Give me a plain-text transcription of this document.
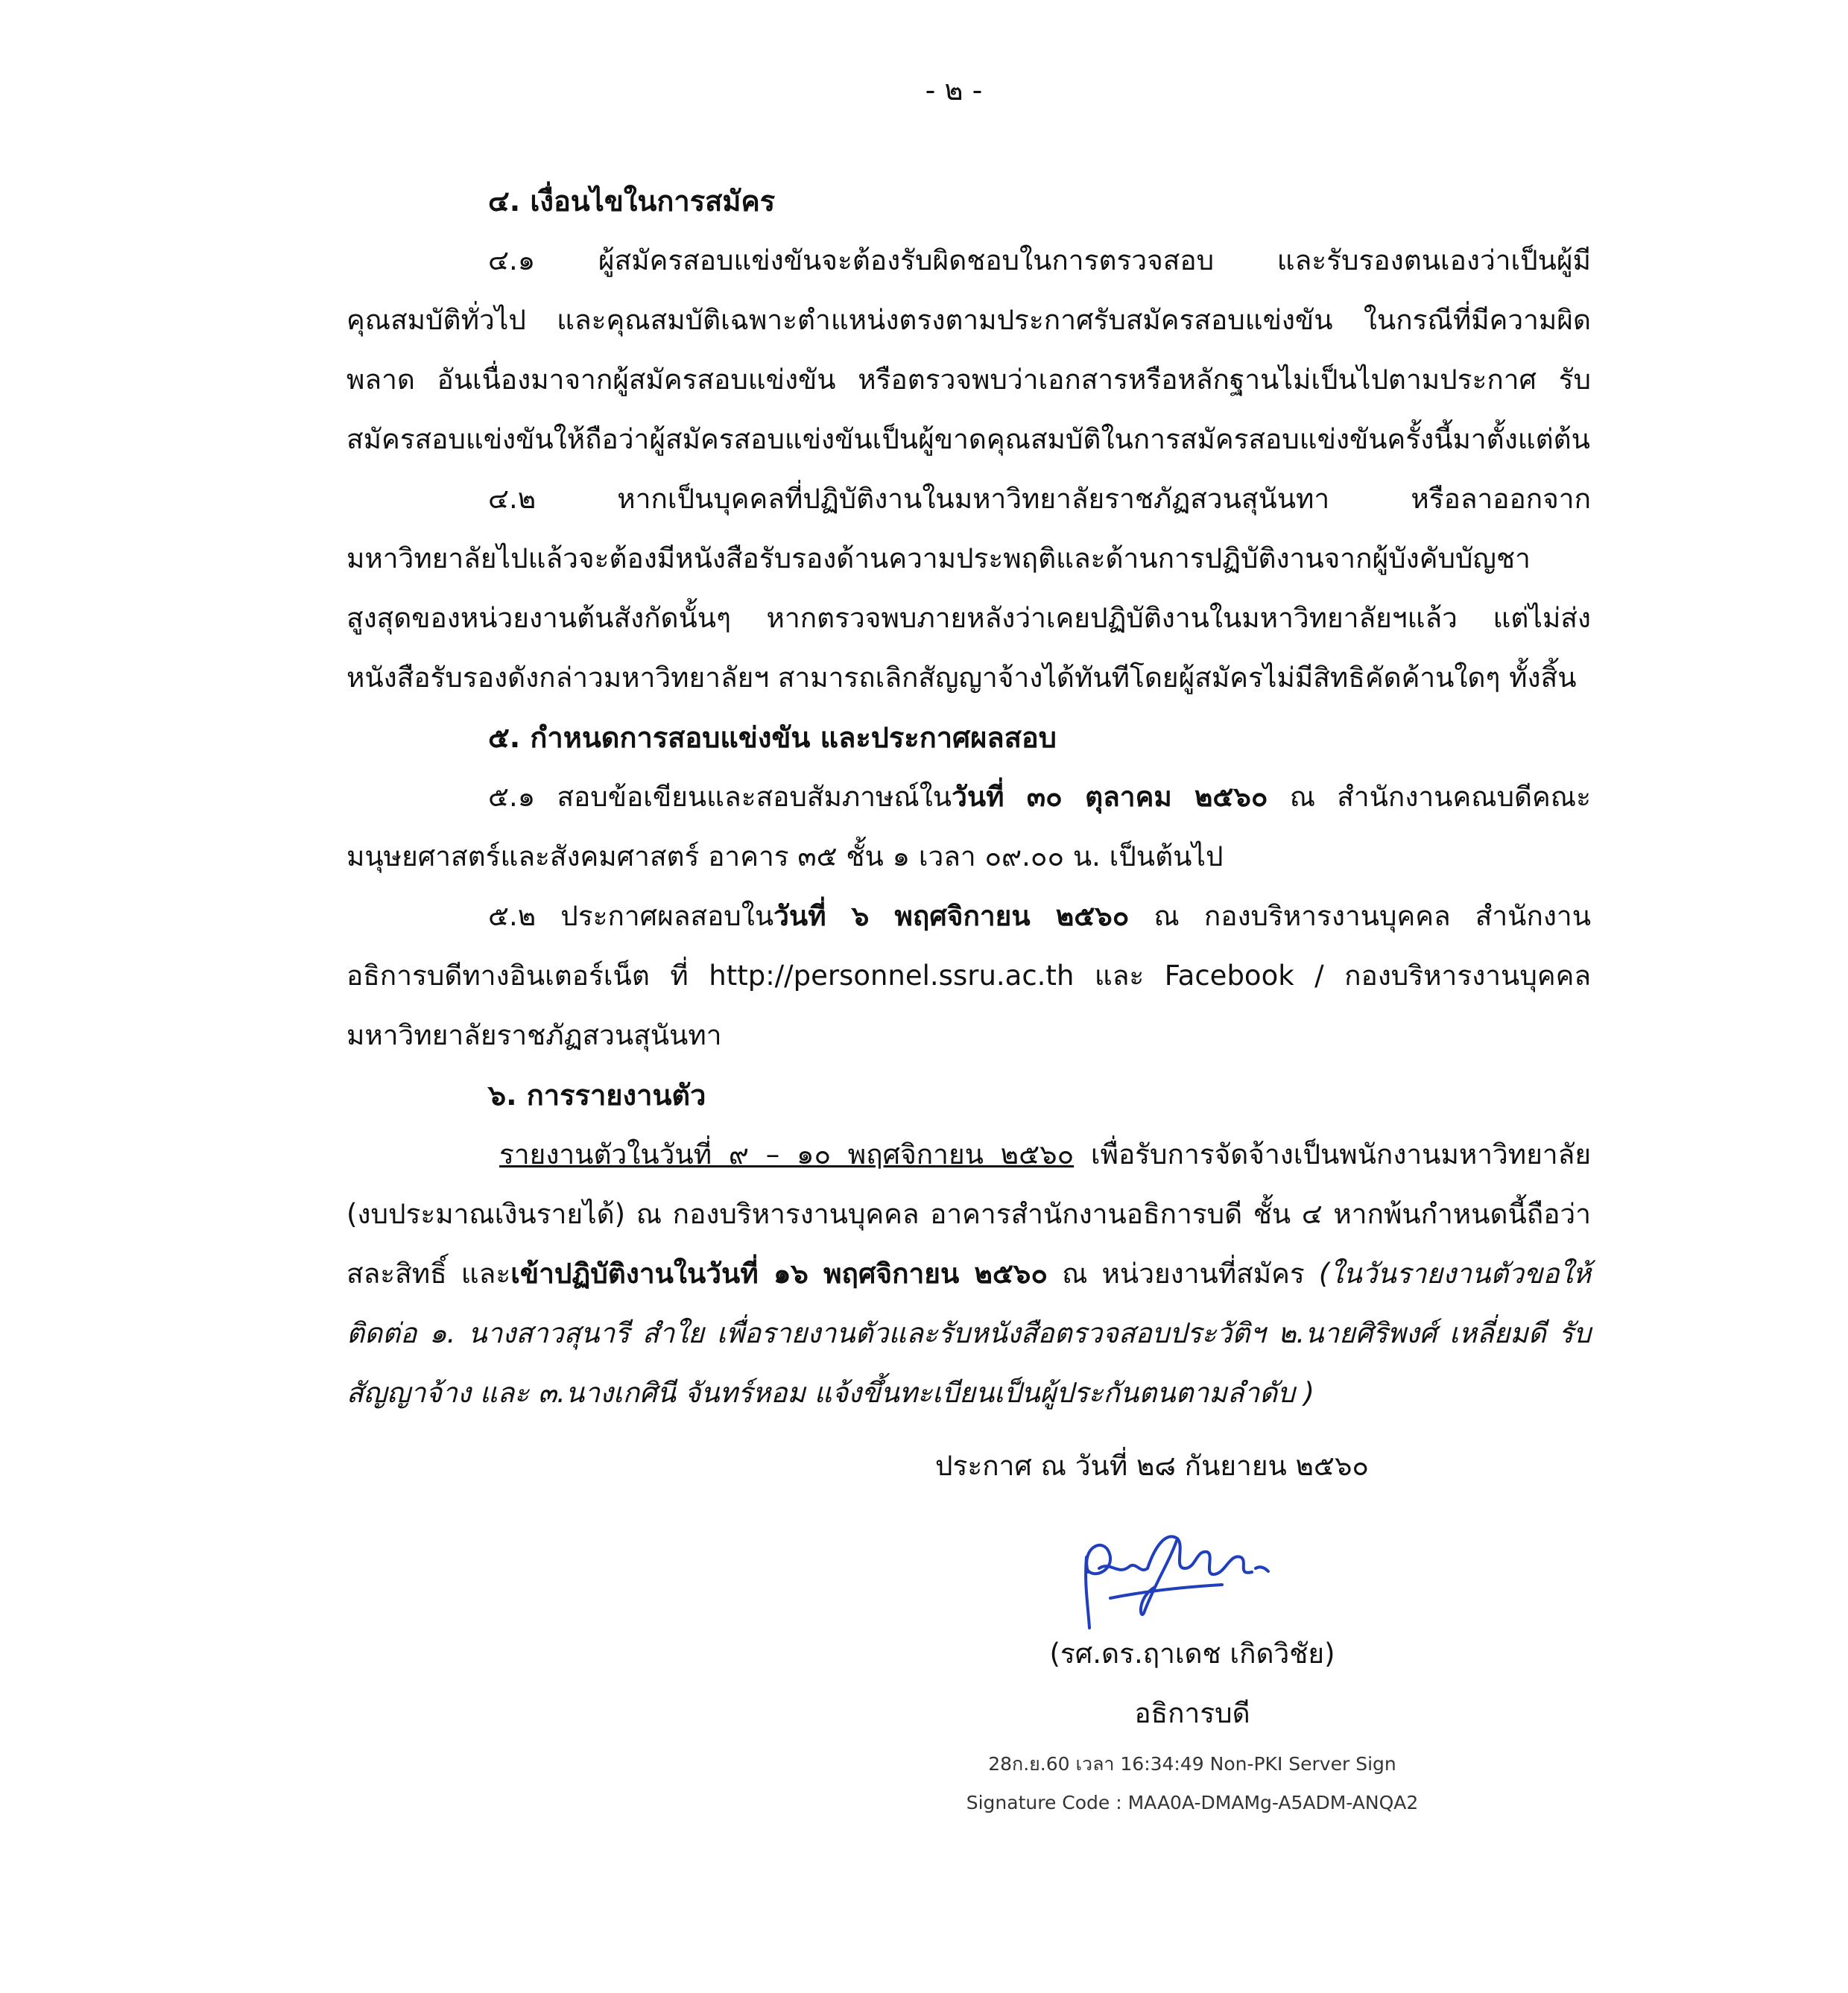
- ๒ -

๔. เงื่อนไขในการสมัคร

๔.๑ ผู้สมัครสอบแข่งขันจะต้องรับผิดชอบในการตรวจสอบ และรับรองตนเองว่าเป็นผู้มีคุณสมบัติทั่วไป และคุณสมบัติเฉพาะตำแหน่งตรงตามประกาศรับสมัครสอบแข่งขัน ในกรณีที่มีความผิดพลาด อันเนื่องมาจากผู้สมัครสอบแข่งขัน หรือตรวจพบว่าเอกสารหรือหลักฐานไม่เป็นไปตามประกาศ รับสมัครสอบแข่งขันให้ถือว่าผู้สมัครสอบแข่งขันเป็นผู้ขาดคุณสมบัติในการสมัครสอบแข่งขันครั้งนี้มาตั้งแต่ต้น

๔.๒ หากเป็นบุคคลที่ปฏิบัติงานในมหาวิทยาลัยราชภัฏสวนสุนันทา หรือลาออกจากมหาวิทยาลัยไปแล้วจะต้องมีหนังสือรับรองด้านความประพฤติและด้านการปฏิบัติงานจากผู้บังคับบัญชาสูงสุดของหน่วยงานต้นสังกัดนั้นๆ หากตรวจพบภายหลังว่าเคยปฏิบัติงานในมหาวิทยาลัยฯแล้ว แต่ไม่ส่งหนังสือรับรองดังกล่าวมหาวิทยาลัยฯ สามารถเลิกสัญญาจ้างได้ทันทีโดยผู้สมัครไม่มีสิทธิคัดค้านใดๆ ทั้งสิ้น

๕. กำหนดการสอบแข่งขัน และประกาศผลสอบ

๕.๑ สอบข้อเขียนและสอบสัมภาษณ์ในวันที่ ๓๐ ตุลาคม ๒๕๖๐ ณ สำนักงานคณบดีคณะมนุษยศาสตร์และสังคมศาสตร์ อาคาร ๓๕ ชั้น ๑ เวลา ๐๙.๐๐ น. เป็นต้นไป

๕.๒ ประกาศผลสอบในวันที่ ๖ พฤศจิกายน ๒๕๖๐ ณ กองบริหารงานบุคคล สำนักงานอธิการบดีทางอินเตอร์เน็ต ที่ http://personnel.ssru.ac.th และ Facebook / กองบริหารงานบุคคล มหาวิทยาลัยราชภัฏสวนสุนันทา

๖. การรายงานตัว

รายงานตัวในวันที่ ๙ – ๑๐ พฤศจิกายน ๒๕๖๐ เพื่อรับการจัดจ้างเป็นพนักงานมหาวิทยาลัย (งบประมาณเงินรายได้) ณ กองบริหารงานบุคคล อาคารสำนักงานอธิการบดี ชั้น ๔ หากพ้นกำหนดนี้ถือว่าสละสิทธิ์ และเข้าปฏิบัติงานในวันที่ ๑๖ พฤศจิกายน ๒๕๖๐ ณ หน่วยงานที่สมัคร (ในวันรายงานตัวขอให้ติดต่อ ๑. นางสาวสุนารี สำใย เพื่อรายงานตัวและรับหนังสือตรวจสอบประวัติฯ ๒.นายศิริพงศ์ เหลี่ยมดี รับสัญญาจ้าง และ ๓.นางเกศินี จันทร์หอม แจ้งขึ้นทะเบียนเป็นผู้ประกันตนตามลำดับ )

ประกาศ ณ วันที่ ๒๘ กันยายน ๒๕๖๐
(รศ.ดร.ฤาเดช เกิดวิชัย)
อธิการบดี
28ก.ย.60 เวลา 16:34:49 Non-PKI Server Sign
Signature Code : MAA0A-DMAMg-A5ADM-ANQA2
